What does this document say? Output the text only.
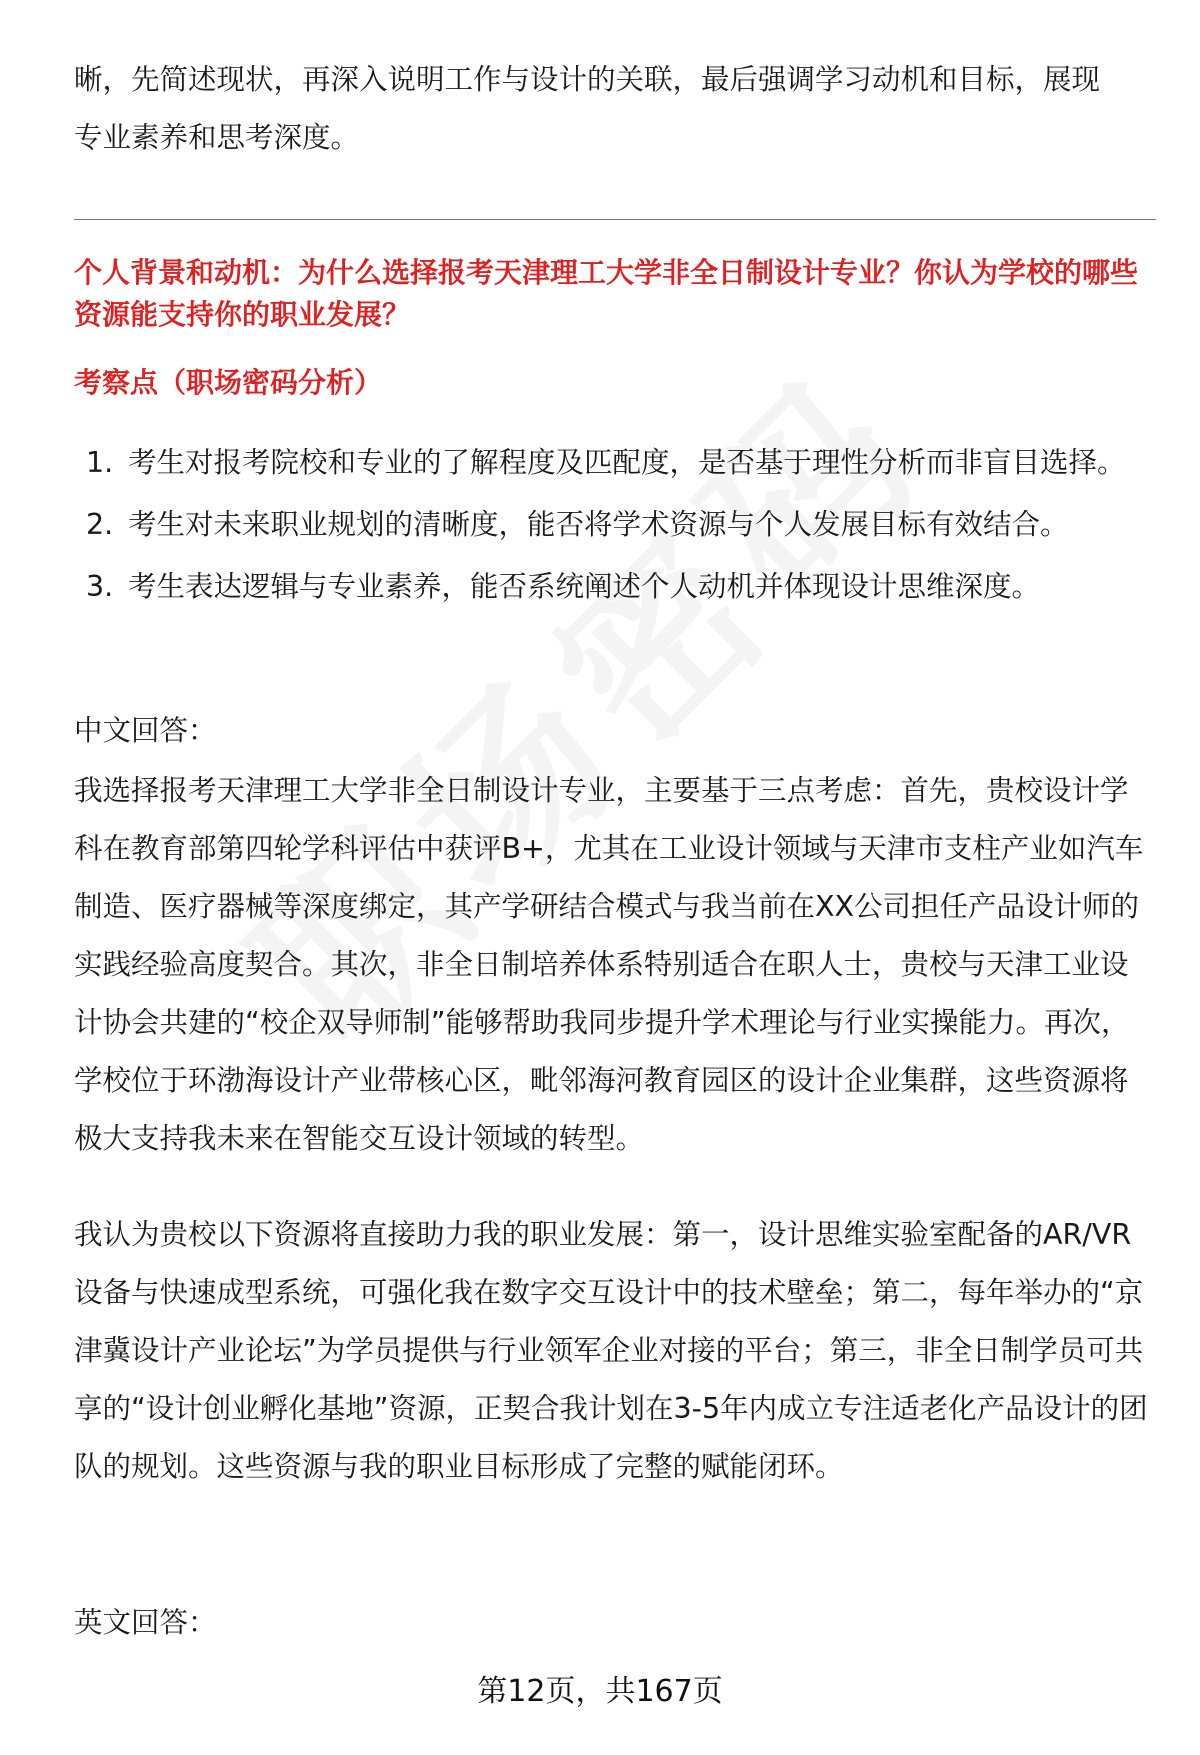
晰，先简述现状，再深入说明工作与设计的关联，最后强调学习动机和目标，展现
专业素养和思考深度。

个人背景和动机：为什么选择报考天津理工大学非全日制设计专业？你认为学校的哪些资源能支持你的职业发展？

考察点（职场密码分析）

1. 考生对报考院校和专业的了解程度及匹配度，是否基于理性分析而非盲目选择。
2. 考生对未来职业规划的清晰度，能否将学术资源与个人发展目标有效结合。
3. 考生表达逻辑与专业素养，能否系统阐述个人动机并体现设计思维深度。

中文回答：

我选择报考天津理工大学非全日制设计专业，主要基于三点考虑：首先，贵校设计学科在教育部第四轮学科评估中获评B+，尤其在工业设计领域与天津市支柱产业如汽车制造、医疗器械等深度绑定，其产学研结合模式与我当前在XX公司担任产品设计师的实践经验高度契合。其次，非全日制培养体系特别适合在职人士，贵校与天津工业设计协会共建的“校企双导师制”能够帮助我同步提升学术理论与行业实操能力。再次，学校位于环渤海设计产业带核心区，毗邻海河教育园区的设计企业集群，这些资源将极大支持我未来在智能交互设计领域的转型。

我认为贵校以下资源将直接助力我的职业发展：第一，设计思维实验室配备的AR/VR设备与快速成型系统，可强化我在数字交互设计中的技术壁垒；第二，每年举办的“京津冀设计产业论坛”为学员提供与行业领军企业对接的平台；第三，非全日制学员可共享的“设计创业孵化基地”资源，正契合我计划在3-5年内成立专注适老化产品设计的团队的规划。这些资源与我的职业目标形成了完整的赋能闭环。

英文回答：

第12页，共167页
